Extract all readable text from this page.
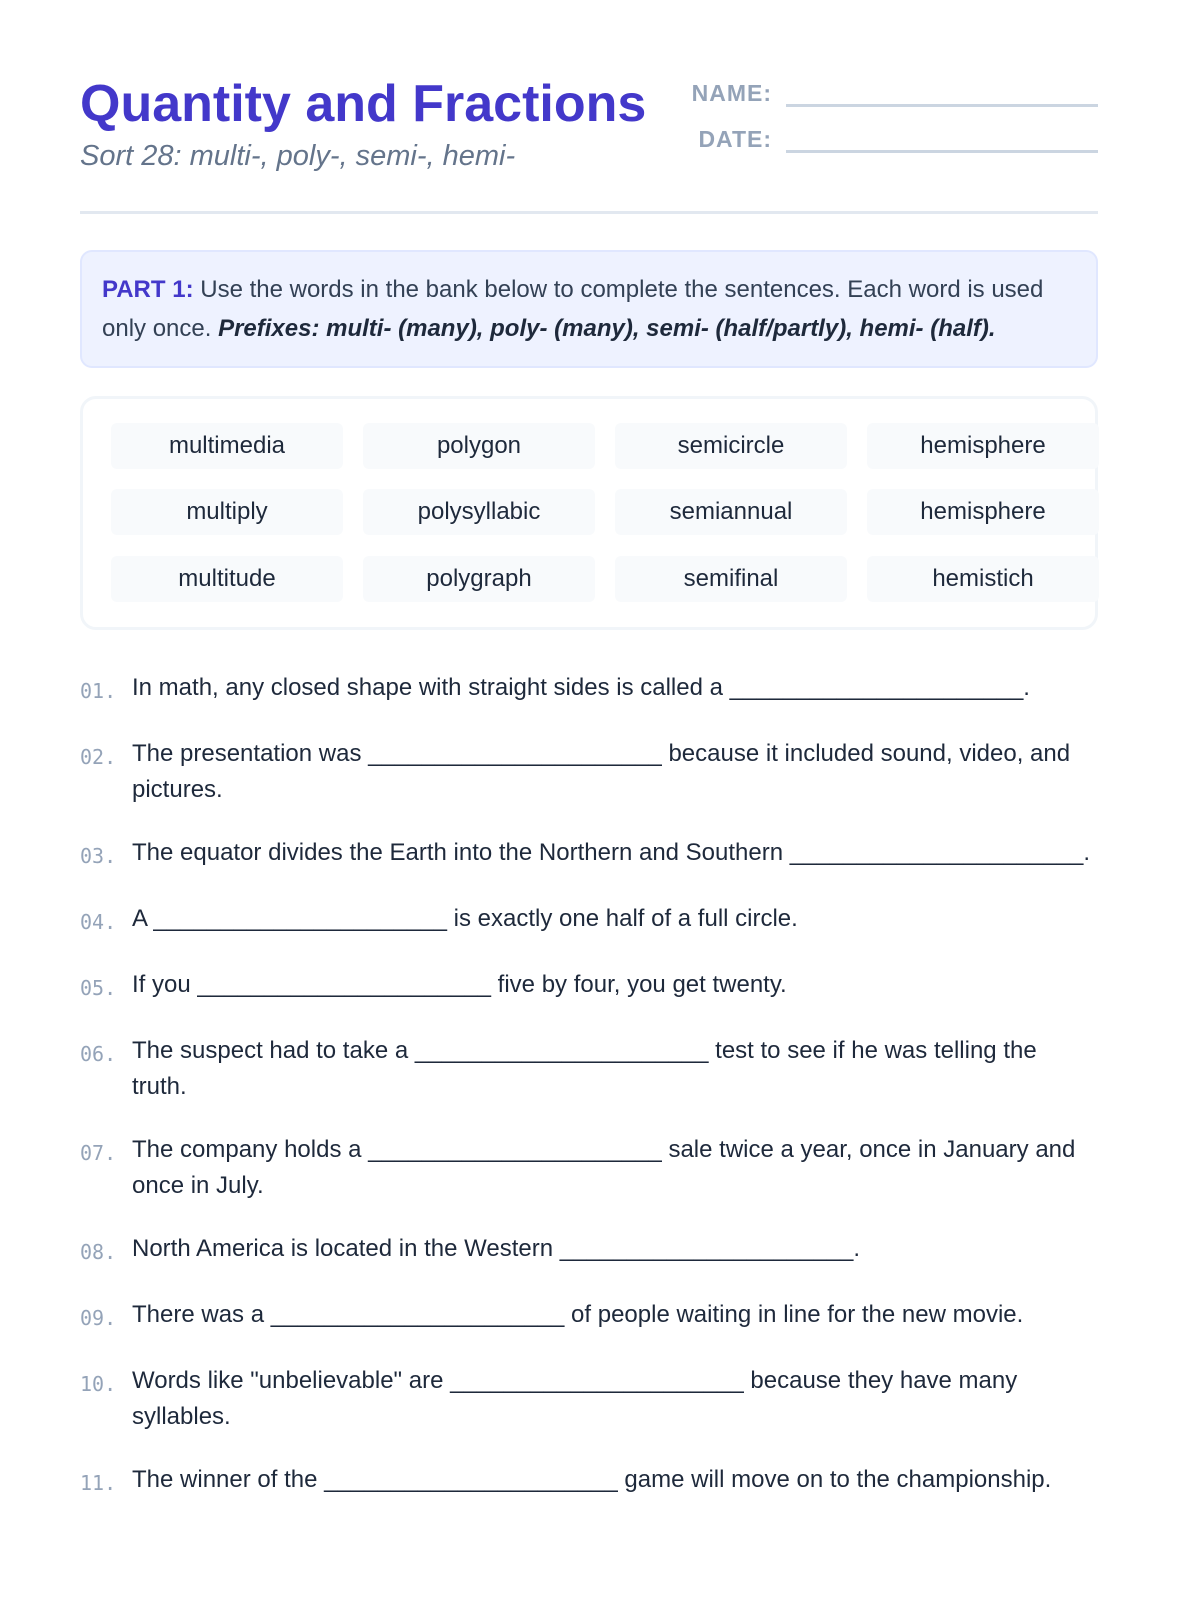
Quantity and Fractions
Sort 28: multi-, poly-, semi-, hemi-
NAME:
DATE:
PART 1: Use the words in the bank below to complete the sentences. Each word is used only once. Prefixes: multi- (many), poly- (many), semi- (half/partly), hemi- (half).
multimedia	polygon	semicircle	hemisphere
multiply	polysyllabic	semiannual	hemisphere
multitude	polygraph	semifinal	hemistich
01. In math, any closed shape with straight sides is called a ______________________.
02. The presentation was ______________________ because it included sound, video, and pictures.
03. The equator divides the Earth into the Northern and Southern ______________________.
04. A ______________________ is exactly one half of a full circle.
05. If you ______________________ five by four, you get twenty.
06. The suspect had to take a ______________________ test to see if he was telling the truth.
07. The company holds a ______________________ sale twice a year, once in January and once in July.
08. North America is located in the Western ______________________.
09. There was a ______________________ of people waiting in line for the new movie.
10. Words like "unbelievable" are ______________________ because they have many syllables.
11. The winner of the ______________________ game will move on to the championship.
